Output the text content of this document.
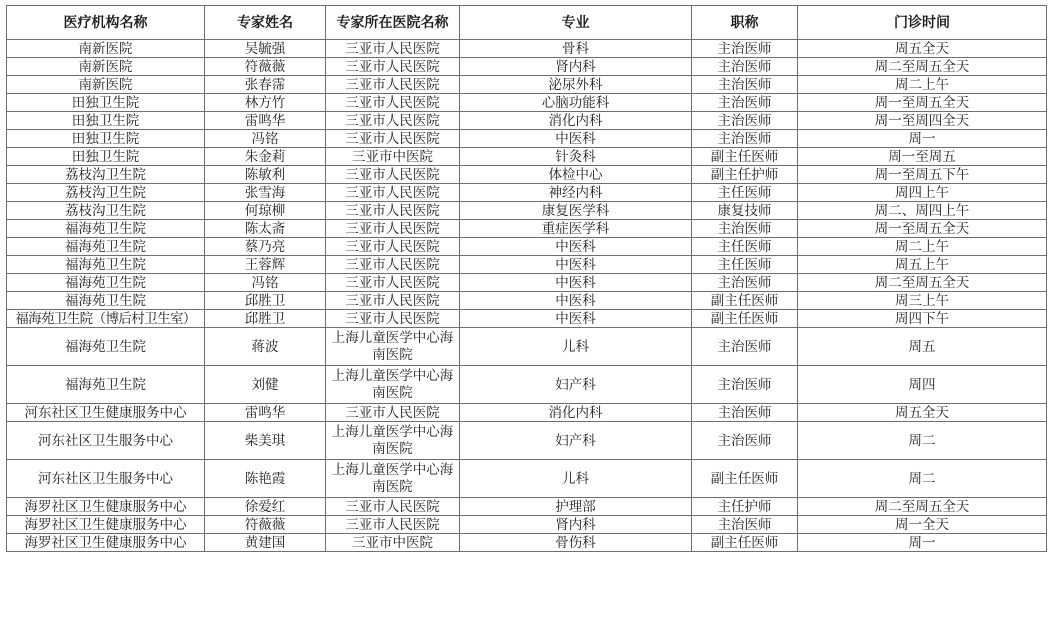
医疗机构名称	专家姓名	专家所在医院名称	专业	职称	门诊时间
南新医院	吴毓强	三亚市人民医院	骨科	主治医师	周五全天
南新医院	符薇薇	三亚市人民医院	肾内科	主治医师	周二至周五全天
南新医院	张春霈	三亚市人民医院	泌尿外科	主治医师	周二上午
田独卫生院	林方竹	三亚市人民医院	心脑功能科	主治医师	周一至周五全天
田独卫生院	雷鸣华	三亚市人民医院	消化内科	主治医师	周一至周四全天
田独卫生院	冯铭	三亚市人民医院	中医科	主治医师	周一
田独卫生院	朱金莉	三亚市中医院	针灸科	副主任医师	周一至周五
荔枝沟卫生院	陈敏利	三亚市人民医院	体检中心	副主任护师	周一至周五下午
荔枝沟卫生院	张雪海	三亚市人民医院	神经内科	主任医师	周四上午
荔枝沟卫生院	何琼柳	三亚市人民医院	康复医学科	康复技师	周二、周四上午
福海苑卫生院	陈太斋	三亚市人民医院	重症医学科	主治医师	周一至周五全天
福海苑卫生院	蔡乃亮	三亚市人民医院	中医科	主任医师	周二上午
福海苑卫生院	王蓉辉	三亚市人民医院	中医科	主任医师	周五上午
福海苑卫生院	冯铭	三亚市人民医院	中医科	主治医师	周二至周五全天
福海苑卫生院	邱胜卫	三亚市人民医院	中医科	副主任医师	周三上午
福海苑卫生院（博后村卫生室）	邱胜卫	三亚市人民医院	中医科	副主任医师	周四下午
福海苑卫生院	蒋波	上海儿童医学中心海南医院	儿科	主治医师	周五
福海苑卫生院	刘健	上海儿童医学中心海南医院	妇产科	主治医师	周四
河东社区卫生健康服务中心	雷鸣华	三亚市人民医院	消化内科	主治医师	周五全天
河东社区卫生服务中心	柴美琪	上海儿童医学中心海南医院	妇产科	主治医师	周二
河东社区卫生服务中心	陈艳霞	上海儿童医学中心海南医院	儿科	副主任医师	周二
海罗社区卫生健康服务中心	徐爱红	三亚市人民医院	护理部	主任护师	周二至周五全天
海罗社区卫生健康服务中心	符薇薇	三亚市人民医院	肾内科	主治医师	周一全天
海罗社区卫生健康服务中心	黄建国	三亚市中医院	骨伤科	副主任医师	周一
